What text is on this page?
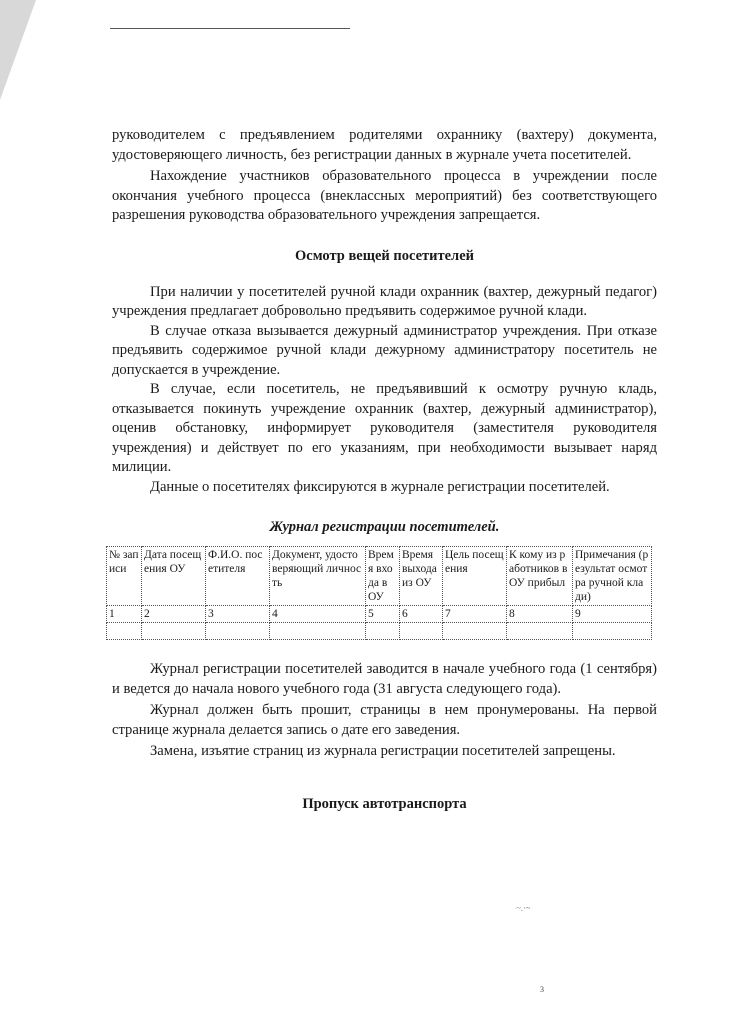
руководителем с предъявлением родителями охраннику (вахтеру) документа, удостоверяющего личность, без регистрации данных в журнале учета посетителей.

Нахождение участников образовательного процесса в учреждении после окончания учебного процесса (внеклассных мероприятий) без соответствующего разрешения руководства образовательного учреждения запрещается.

Осмотр вещей посетителей

При наличии у посетителей ручной клади охранник (вахтер, дежурный педагог) учреждения предлагает добровольно предъявить содержимое ручной клади.

В случае отказа вызывается дежурный администратор учреждения. При отказе предъявить содержимое ручной клади дежурному администратору посетитель не допускается в учреждение.

В случае, если посетитель, не предъявивший к осмотру ручную кладь, отказывается покинуть учреждение охранник (вахтер, дежурный администратор), оценив обстановку, информирует руководителя (заместителя руководителя учреждения) и действует по его указаниям, при необходимости вызывает наряд милиции.

Данные о посетителях фиксируются в журнале регистрации посетителей.

Журнал регистрации посетителей.
№ записи	Дата посещения ОУ	Ф.И.О. посетителя	Документ, удостоверяющий личность	Время входа в ОУ	Время выхода из ОУ	Цель посещения	К кому из работников в ОУ прибыл	Примечания (результат осмотра ручной клади)
1	2	3	4	5	6	7	8	9

Журнал регистрации посетителей заводится в начале учебного года (1 сентября) и ведется до начала нового учебного года (31 августа следующего года).

Журнал должен быть прошит, страницы в нем пронумерованы. На первой странице журнала делается запись о дате его заведения.

Замена, изъятие страниц из журнала регистрации посетителей запрещены.

Пропуск автотранспорта
~.·~
3
